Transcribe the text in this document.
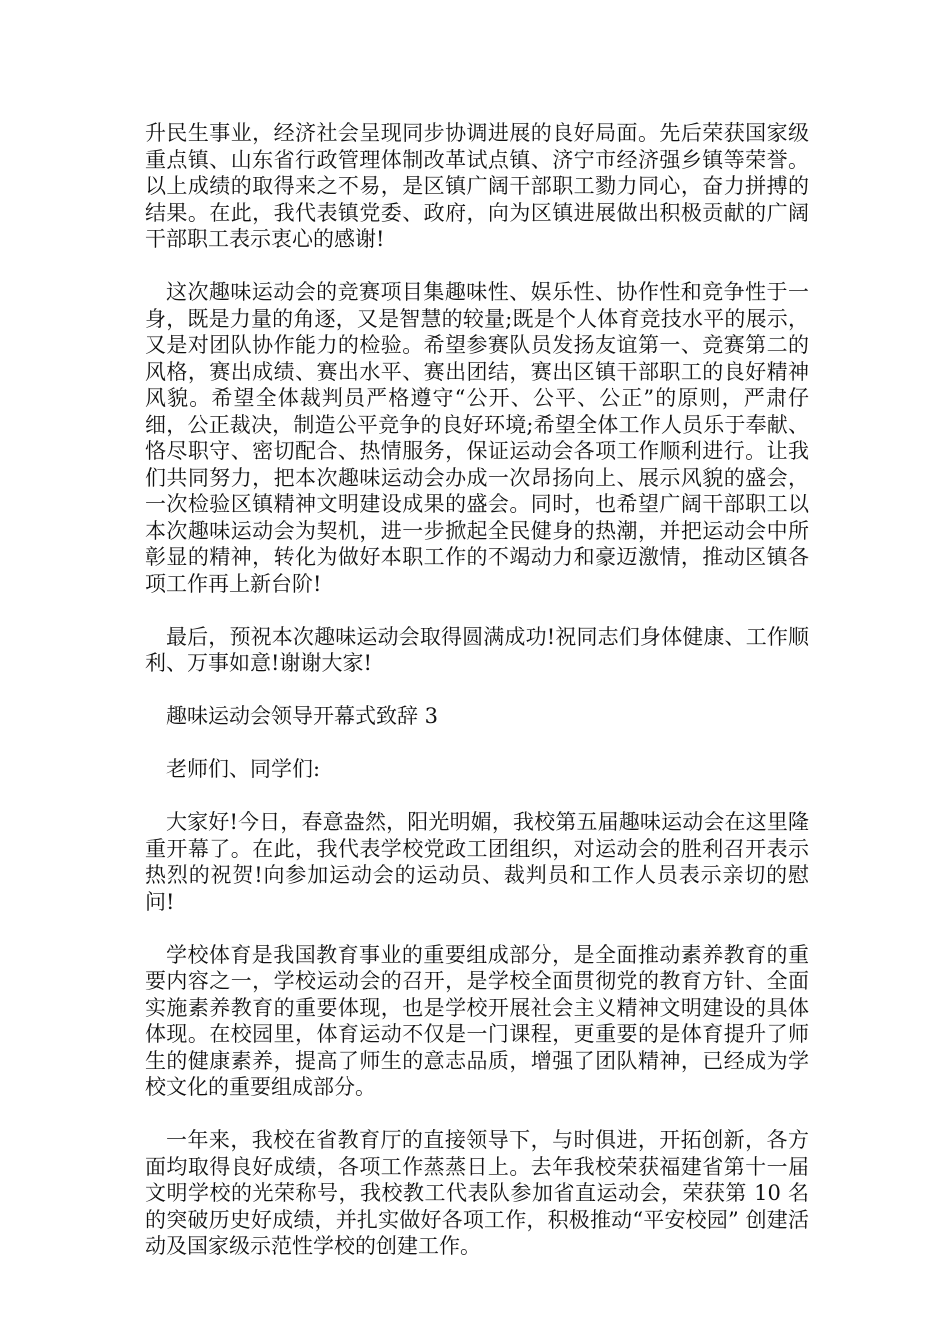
升民生事业，经济社会呈现同步协调进展的良好局面。先后荣获国家级重点镇、山东省行政管理体制改革试点镇、济宁市经济强乡镇等荣誉。以上成绩的取得来之不易，是区镇广阔干部职工勠力同心，奋力拼搏的结果。在此，我代表镇党委、政府，向为区镇进展做出积极贡献的广阔干部职工表示衷心的感谢!

这次趣味运动会的竞赛项目集趣味性、娱乐性、协作性和竞争性于一身，既是力量的角逐，又是智慧的较量;既是个人体育竞技水平的展示，又是对团队协作能力的检验。希望参赛队员发扬友谊第一、竞赛第二的风格，赛出成绩、赛出水平、赛出团结，赛出区镇干部职工的良好精神风貌。希望全体裁判员严格遵守“公开、公平、公正”的原则，严肃仔细，公正裁决，制造公平竞争的良好环境;希望全体工作人员乐于奉献、恪尽职守、密切配合、热情服务，保证运动会各项工作顺利进行。让我们共同努力，把本次趣味运动会办成一次昂扬向上、展示风貌的盛会，一次检验区镇精神文明建设成果的盛会。同时，也希望广阔干部职工以本次趣味运动会为契机，进一步掀起全民健身的热潮，并把运动会中所彰显的精神，转化为做好本职工作的不竭动力和豪迈激情，推动区镇各项工作再上新台阶!

最后，预祝本次趣味运动会取得圆满成功!祝同志们身体健康、工作顺利、万事如意!谢谢大家!

趣味运动会领导开幕式致辞 3

老师们、同学们:

大家好!今日，春意盎然，阳光明媚，我校第五届趣味运动会在这里隆重开幕了。在此，我代表学校党政工团组织，对运动会的胜利召开表示热烈的祝贺!向参加运动会的运动员、裁判员和工作人员表示亲切的慰问!

学校体育是我国教育事业的重要组成部分，是全面推动素养教育的重要内容之一，学校运动会的召开，是学校全面贯彻党的教育方针、全面实施素养教育的重要体现，也是学校开展社会主义精神文明建设的具体体现。在校园里，体育运动不仅是一门课程，更重要的是体育提升了师生的健康素养，提高了师生的意志品质，增强了团队精神，已经成为学校文化的重要组成部分。

一年来，我校在省教育厅的直接领导下，与时俱进，开拓创新，各方面均取得良好成绩，各项工作蒸蒸日上。去年我校荣获福建省第十一届文明学校的光荣称号，我校教工代表队参加省直运动会，荣获第 10 名的突破历史好成绩，并扎实做好各项工作，积极推动“平安校园” 创建活动及国家级示范性学校的创建工作。
